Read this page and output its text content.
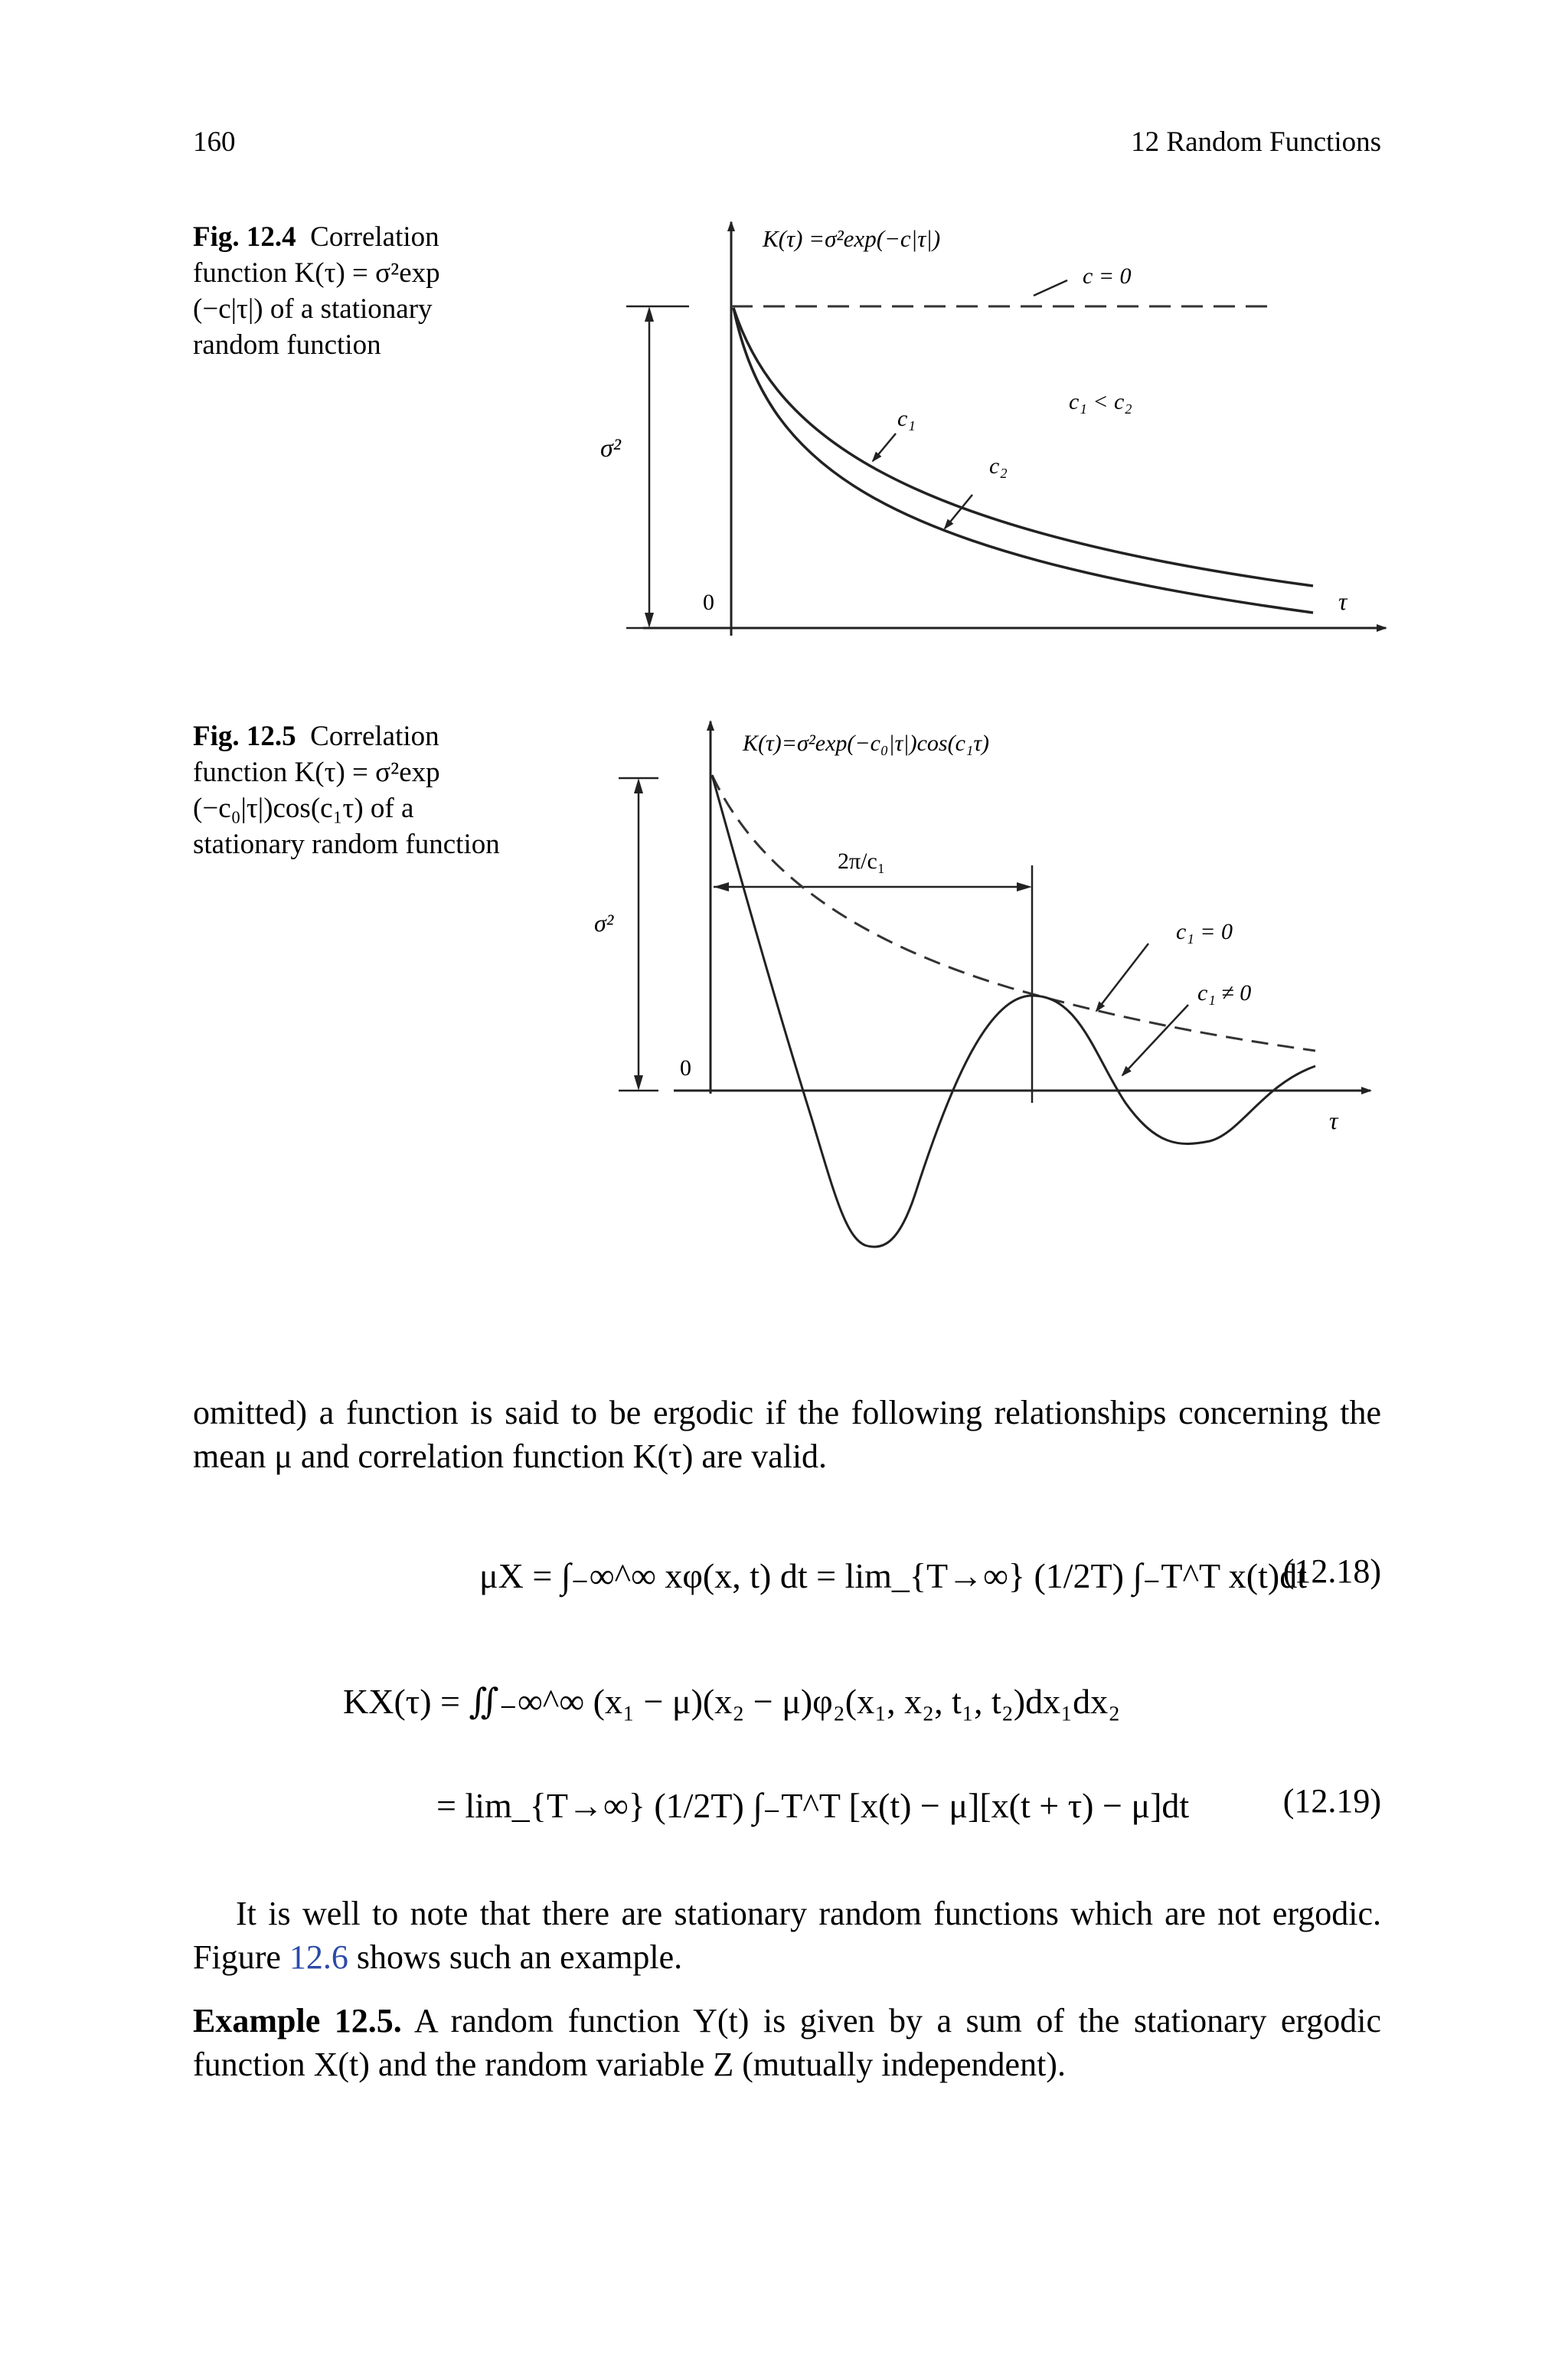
160	12 Random Functions
Fig. 12.4 Correlation
function K(τ) = σ²exp
(−c|τ|) of a stationary
random function
K(τ) =σ²exp(−c|τ|)
σ²
0	τ
c = 0
c₁ < c₂
c₁
c₂
Fig. 12.5 Correlation
function K(τ) = σ²exp
(−c₀|τ|)cos(c₁τ) of a
stationary random function
K(τ)=σ²exp(−c₀|τ|)cos(c₁τ)
σ²
0
τ
2π/c₁
c₁ = 0
c₁ ≠ 0
omitted) a function is said to be ergodic if the following relationships concerning the mean μ and correlation function K(τ) are valid.
μX = ∫₋∞^∞ xφ(x, t) dt = lim_{T→∞} (1/2T) ∫₋T^T x(t)dt
(12.18)
KX(τ) = ∬₋∞^∞ (x₁ − μ)(x₂ − μ)φ₂(x₁, x₂, t₁, t₂)dx₁dx₂
= lim_{T→∞} (1/2T) ∫₋T^T [x(t) − μ][x(t + τ) − μ]dt	(12.19)
It is well to note that there are stationary random functions which are not ergodic. Figure 12.6 shows such an example.
Example 12.5. A random function Y(t) is given by a sum of the stationary ergodic function X(t) and the random variable Z (mutually independent).
